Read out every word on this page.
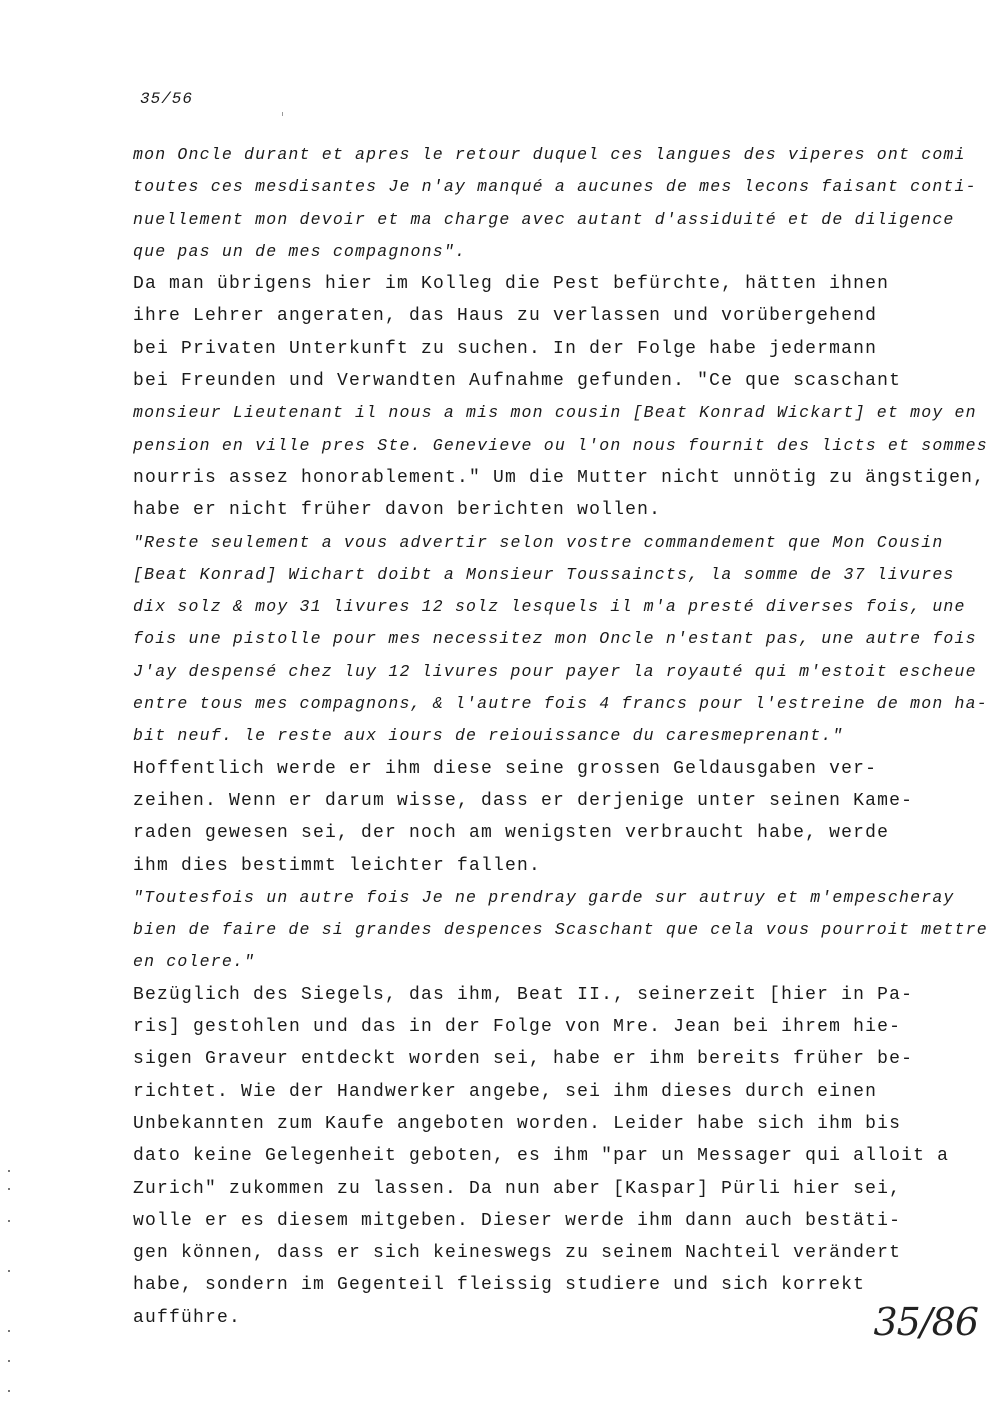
35/56
mon Oncle durant et apres le retour duquel ces langues des viperes ont comi
toutes ces mesdisantes Je n'ay manqué a aucunes de mes lecons faisant conti-
nuellement mon devoir et ma charge avec autant d'assiduité et de diligence
que pas un de mes compagnons".
Da man übrigens hier im Kolleg die Pest befürchte, hätten ihnen
ihre Lehrer angeraten, das Haus zu verlassen und vorübergehend
bei Privaten Unterkunft zu suchen. In der Folge habe jedermann
bei Freunden und Verwandten Aufnahme gefunden. "Ce que scaschant
monsieur Lieutenant il nous a mis mon cousin [Beat Konrad Wickart] et moy en
pension en ville pres Ste. Genevieve ou l'on nous fournit des licts et sommes
nourris assez honorablement." Um die Mutter nicht unnötig zu ängstigen,
habe er nicht früher davon berichten wollen.
"Reste seulement a vous advertir selon vostre commandement que Mon Cousin
[Beat Konrad] Wichart doibt a Monsieur Toussaincts, la somme de 37 livures
dix solz & moy 31 livures 12 solz lesquels il m'a presté diverses fois, une
fois une pistolle pour mes necessitez mon Oncle n'estant pas, une autre fois
J'ay despensé chez luy 12 livures pour payer la royauté qui m'estoit escheue
entre tous mes compagnons, & l'autre fois 4 francs pour l'estreine de mon ha-
bit neuf. le reste aux iours de reiouissance du caresmeprenant."
Hoffentlich werde er ihm diese seine grossen Geldausgaben ver-
zeihen. Wenn er darum wisse, dass er derjenige unter seinen Kame-
raden gewesen sei, der noch am wenigsten verbraucht habe, werde
ihm dies bestimmt leichter fallen.
"Toutesfois un autre fois Je ne prendray garde sur autruy et m'empescheray
bien de faire de si grandes despences Scaschant que cela vous pourroit mettre
en colere."
Bezüglich des Siegels, das ihm, Beat II., seinerzeit [hier in Pa-
ris] gestohlen und das in der Folge von Mre. Jean bei ihrem hie-
sigen Graveur entdeckt worden sei, habe er ihm bereits früher be-
richtet. Wie der Handwerker angebe, sei ihm dieses durch einen
Unbekannten zum Kaufe angeboten worden. Leider habe sich ihm bis
dato keine Gelegenheit geboten, es ihm "par un Messager qui alloit a
Zurich" zukommen zu lassen. Da nun aber [Kaspar] Pürli hier sei,
wolle er es diesem mitgeben. Dieser werde ihm dann auch bestäti-
gen können, dass er sich keineswegs zu seinem Nachteil verändert
habe, sondern im Gegenteil fleissig studiere und sich korrekt
aufführe.	35/86
